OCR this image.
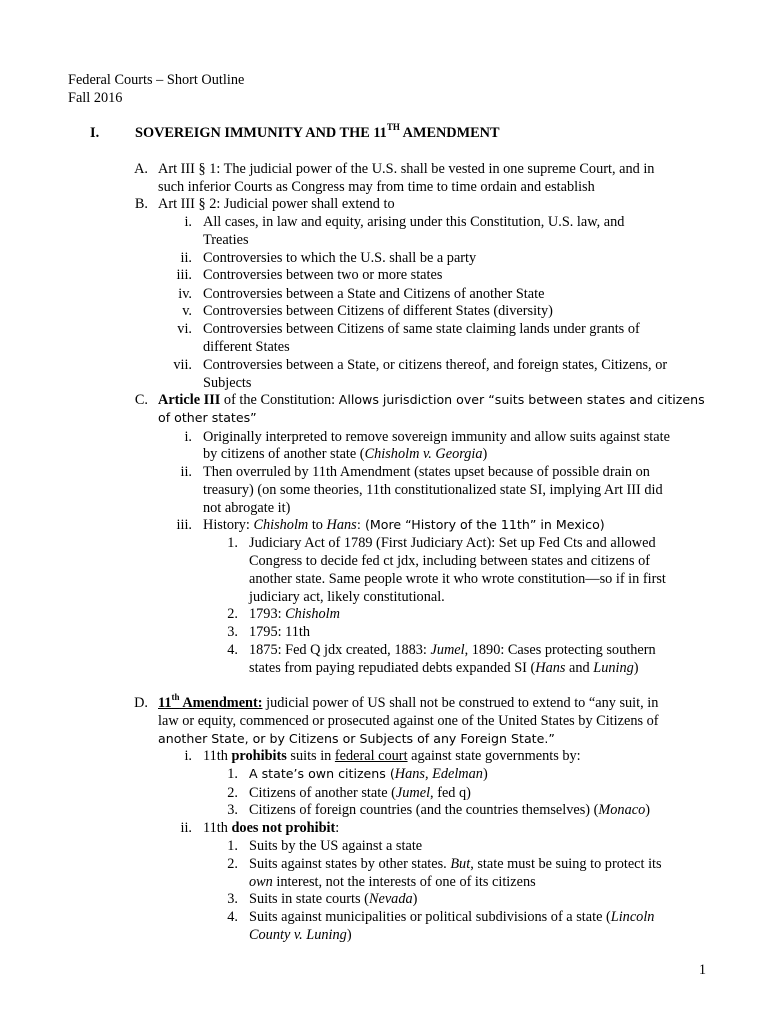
Federal Courts – Short Outline
Fall 2016
I.	SOVEREIGN IMMUNITY AND THE 11TH AMENDMENT
A. Art III § 1: The judicial power of the U.S. shall be vested in one supreme Court, and in
such inferior Courts as Congress may from time to time ordain and establish
B. Art III § 2: Judicial power shall extend to
i. All cases, in law and equity, arising under this Constitution, U.S. law, and
Treaties
ii. Controversies to which the U.S. shall be a party
iii. Controversies between two or more states
iv. Controversies between a State and Citizens of another State
v. Controversies between Citizens of different States (diversity)
vi. Controversies between Citizens of same state claiming lands under grants of
different States
vii. Controversies between a State, or citizens thereof, and foreign states, Citizens, or
Subjects
C. Article III of the Constitution: Allows jurisdiction over “suits between states and citizens
of other states”
i. Originally interpreted to remove sovereign immunity and allow suits against state
by citizens of another state (Chisholm v. Georgia)
ii. Then overruled by 11th Amendment (states upset because of possible drain on
treasury) (on some theories, 11th constitutionalized state SI, implying Art III did
not abrogate it)
iii. History: Chisholm to Hans: (More “History of the 11th” in Mexico)
1. Judiciary Act of 1789 (First Judiciary Act): Set up Fed Cts and allowed
Congress to decide fed ct jdx, including between states and citizens of
another state. Same people wrote it who wrote constitution—so if in first
judiciary act, likely constitutional.
2. 1793: Chisholm
3. 1795: 11th
4. 1875: Fed Q jdx created, 1883: Jumel, 1890: Cases protecting southern
states from paying repudiated debts expanded SI (Hans and Luning)
D. 11th Amendment: judicial power of US shall not be construed to extend to “any suit, in
law or equity, commenced or prosecuted against one of the United States by Citizens of
another State, or by Citizens or Subjects of any Foreign State.”
i. 11th prohibits suits in federal court against state governments by:
1. A state’s own citizens (Hans, Edelman)
2. Citizens of another state (Jumel, fed q)
3. Citizens of foreign countries (and the countries themselves) (Monaco)
ii. 11th does not prohibit:
1. Suits by the US against a state
2. Suits against states by other states. But, state must be suing to protect its
own interest, not the interests of one of its citizens
3. Suits in state courts (Nevada)
4. Suits against municipalities or political subdivisions of a state (Lincoln
County v. Luning)
1
